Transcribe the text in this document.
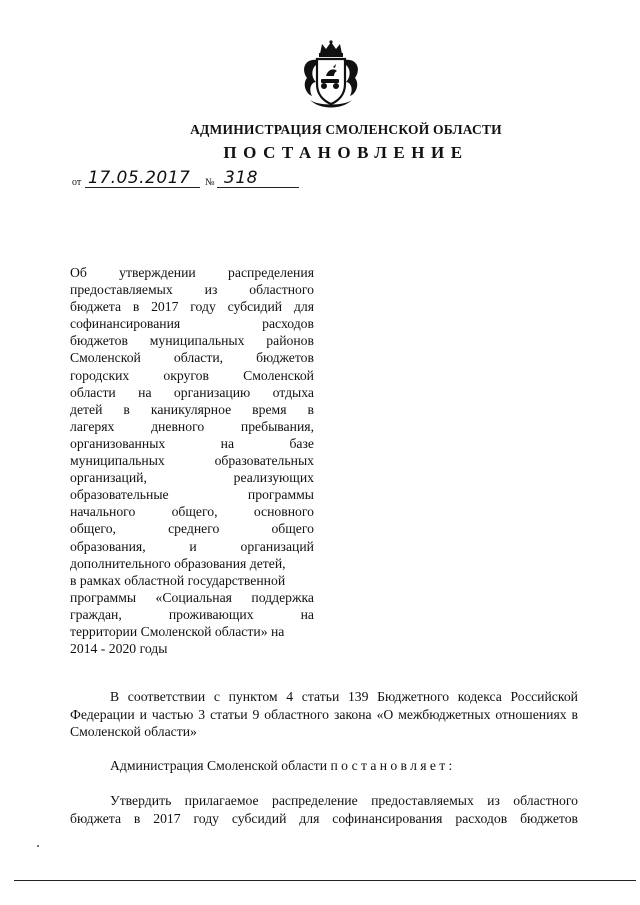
АДМИНИСТРАЦИЯ СМОЛЕНСКОЙ ОБЛАСТИ
ПОСТАНОВЛЕНИЕ
от 17.05.2017 № 318
Об утверждении распределения
предоставляемых из областного
бюджета в 2017 году субсидий для
софинансирования расходов
бюджетов муниципальных районов
Смоленской области, бюджетов
городских округов Смоленской
области на организацию отдыха
детей в каникулярное время в
лагерях дневного пребывания,
организованных на базе
муниципальных образовательных
организаций, реализующих
образовательные программы
начального общего, основного
общего, среднего общего
образования, и организаций
дополнительного образования детей,
в рамках областной государственной
программы «Социальная поддержка
граждан, проживающих на
территории Смоленской области» на
2014 - 2020 годы
В соответствии с пунктом 4 статьи 139 Бюджетного кодекса Российской
Федерации и частью 3 статьи 9 областного закона «О межбюджетных отношениях в
Смоленской области»
Администрация Смоленской области постановляет:
Утвердить прилагаемое распределение предоставляемых из областного
бюджета в 2017 году субсидий для софинансирования расходов бюджетов
